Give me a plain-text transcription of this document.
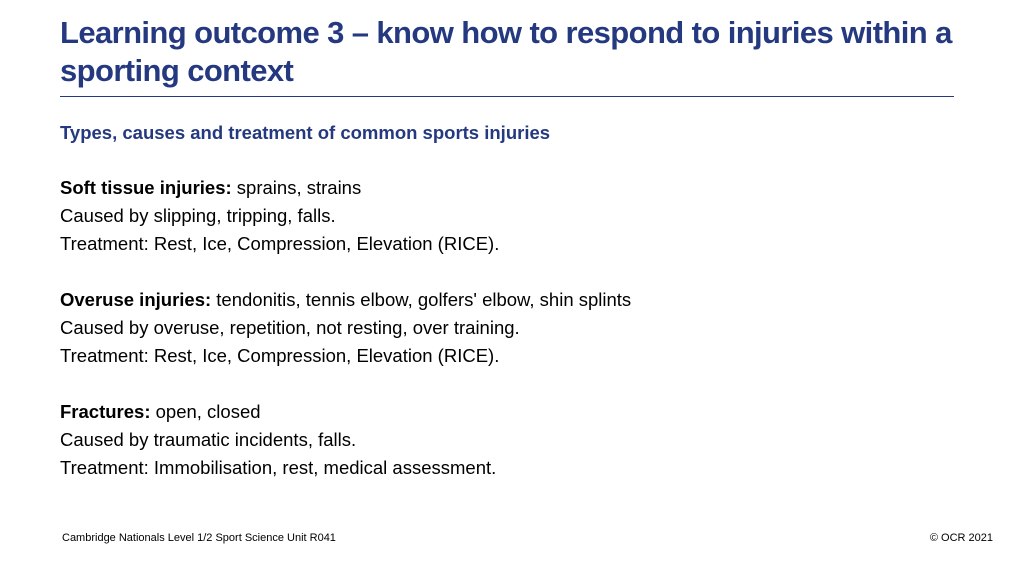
Learning outcome 3 – know how to respond to injuries within a sporting context
Types, causes and treatment of common sports injuries
Soft tissue injuries: sprains, strains
Caused by slipping, tripping, falls.
Treatment: Rest, Ice, Compression, Elevation (RICE).
Overuse injuries: tendonitis, tennis elbow, golfers' elbow, shin splints
Caused by overuse, repetition, not resting, over training.
Treatment: Rest, Ice, Compression, Elevation (RICE).
Fractures: open, closed
Caused by traumatic incidents, falls.
Treatment: Immobilisation, rest, medical assessment.
Cambridge Nationals Level 1/2 Sport Science Unit R041	© OCR 2021
